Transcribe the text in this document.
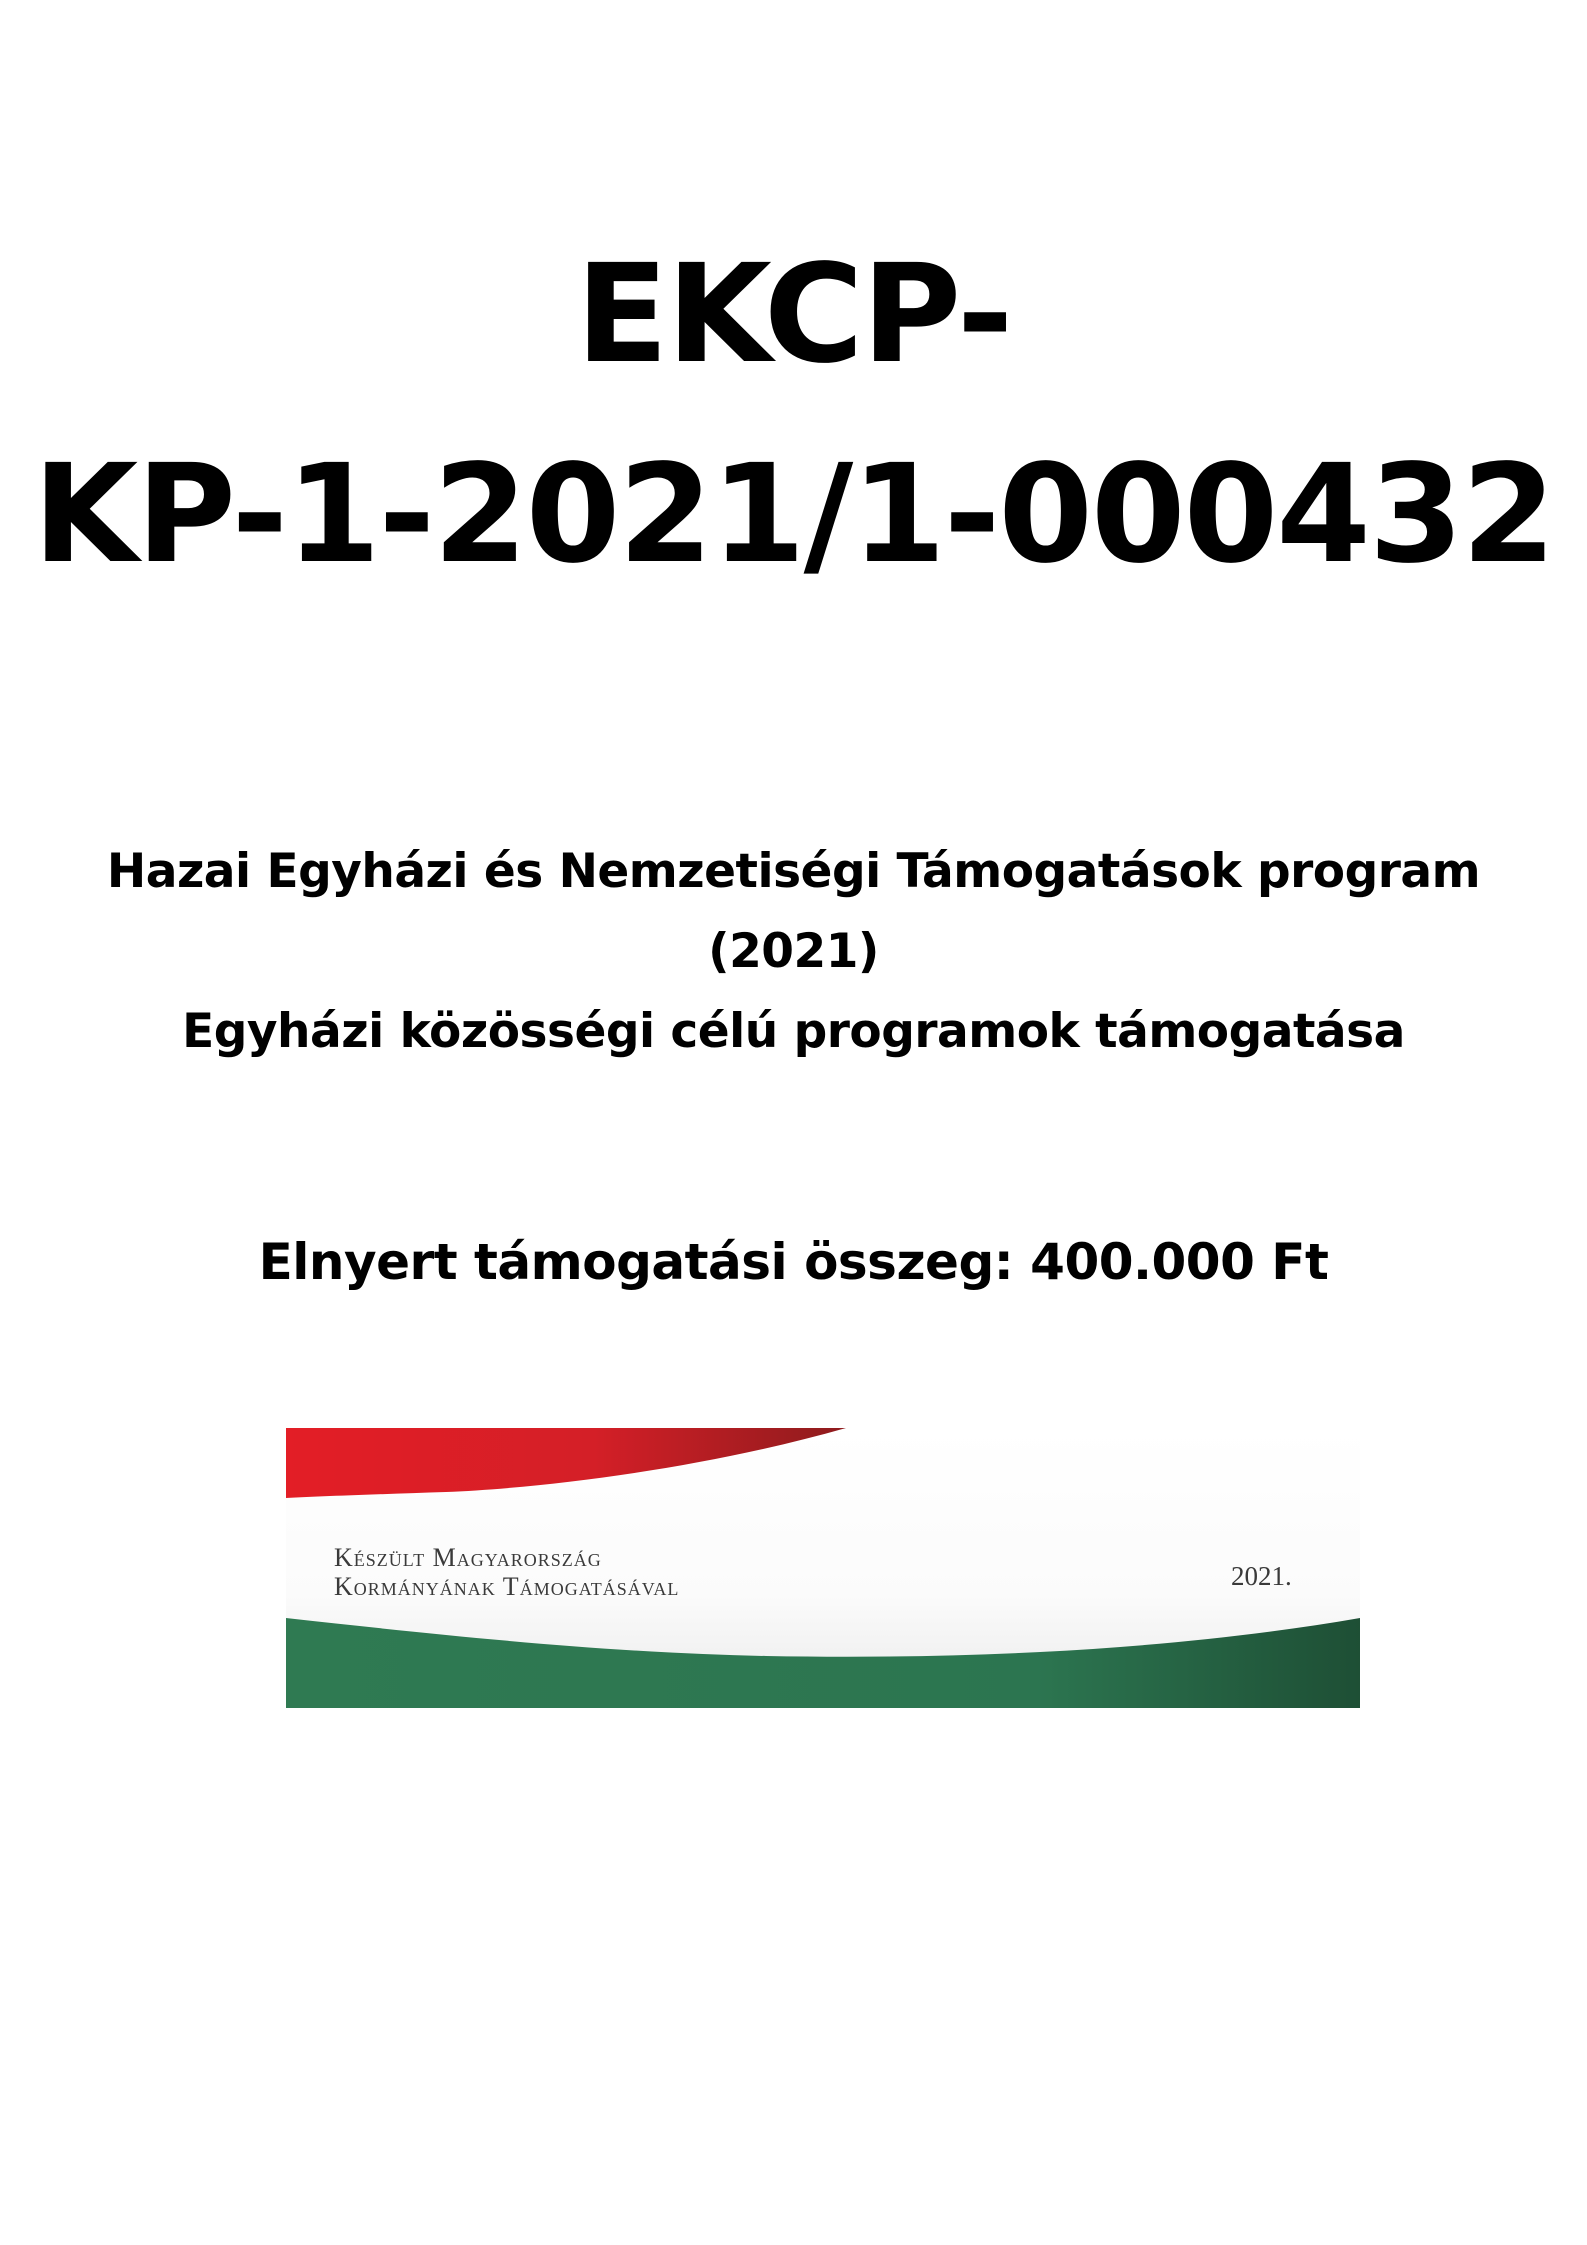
EKCP-
KP-1-2021/1-000432
Hazai Egyházi és Nemzetiségi Támogatások program
(2021)
Egyházi közösségi célú programok támogatása
Elnyert támogatási összeg: 400.000 Ft
Készült Magyarország
Kormányának Támogatásával	2021.
